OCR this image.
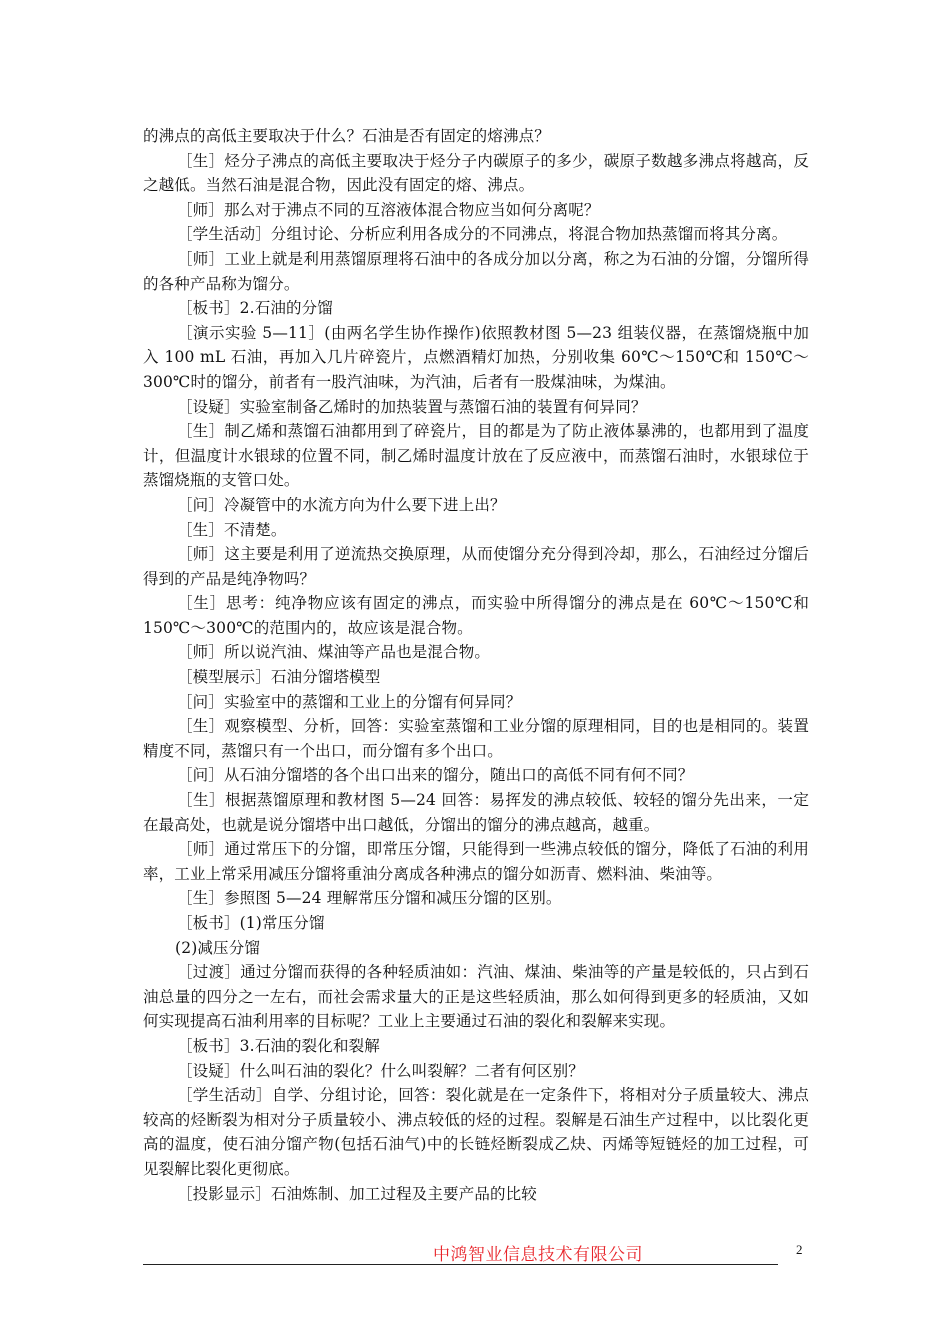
的沸点的高低主要取决于什么？石油是否有固定的熔沸点？

［生］烃分子沸点的高低主要取决于烃分子内碳原子的多少，碳原子数越多沸点将越高，反之越低。当然石油是混合物，因此没有固定的熔、沸点。

［师］那么对于沸点不同的互溶液体混合物应当如何分离呢？

［学生活动］分组讨论、分析应利用各成分的不同沸点，将混合物加热蒸馏而将其分离。

［师］工业上就是利用蒸馏原理将石油中的各成分加以分离，称之为石油的分馏，分馏所得的各种产品称为馏分。

［板书］2.石油的分馏

［演示实验 5—11］(由两名学生协作操作)依照教材图 5—23 组装仪器，在蒸馏烧瓶中加入 100 mL 石油，再加入几片碎瓷片，点燃酒精灯加热，分别收集 60℃～150℃和 150℃～300℃时的馏分，前者有一股汽油味，为汽油，后者有一股煤油味，为煤油。

［设疑］实验室制备乙烯时的加热装置与蒸馏石油的装置有何异同？

［生］制乙烯和蒸馏石油都用到了碎瓷片，目的都是为了防止液体暴沸的，也都用到了温度计，但温度计水银球的位置不同，制乙烯时温度计放在了反应液中，而蒸馏石油时，水银球位于蒸馏烧瓶的支管口处。

［问］冷凝管中的水流方向为什么要下进上出？

［生］不清楚。

［师］这主要是利用了逆流热交换原理，从而使馏分充分得到冷却，那么，石油经过分馏后得到的产品是纯净物吗？

［生］思考：纯净物应该有固定的沸点，而实验中所得馏分的沸点是在 60℃～150℃和 150℃～300℃的范围内的，故应该是混合物。

［师］所以说汽油、煤油等产品也是混合物。

［模型展示］石油分馏塔模型

［问］实验室中的蒸馏和工业上的分馏有何异同？

［生］观察模型、分析，回答：实验室蒸馏和工业分馏的原理相同，目的也是相同的。装置精度不同，蒸馏只有一个出口，而分馏有多个出口。

［问］从石油分馏塔的各个出口出来的馏分，随出口的高低不同有何不同？

［生］根据蒸馏原理和教材图 5—24 回答：易挥发的沸点较低、较轻的馏分先出来，一定在最高处，也就是说分馏塔中出口越低，分馏出的馏分的沸点越高，越重。

［师］通过常压下的分馏，即常压分馏，只能得到一些沸点较低的馏分，降低了石油的利用率，工业上常采用减压分馏将重油分离成各种沸点的馏分如沥青、燃料油、柴油等。

［生］参照图 5—24 理解常压分馏和减压分馏的区别。

［板书］(1)常压分馏

(2)减压分馏

［过渡］通过分馏而获得的各种轻质油如：汽油、煤油、柴油等的产量是较低的，只占到石油总量的四分之一左右，而社会需求量大的正是这些轻质油，那么如何得到更多的轻质油，又如何实现提高石油利用率的目标呢？工业上主要通过石油的裂化和裂解来实现。

［板书］3.石油的裂化和裂解

［设疑］什么叫石油的裂化？什么叫裂解？二者有何区别？

［学生活动］自学、分组讨论，回答：裂化就是在一定条件下，将相对分子质量较大、沸点较高的烃断裂为相对分子质量较小、沸点较低的烃的过程。裂解是石油生产过程中，以比裂化更高的温度，使石油分馏产物(包括石油气)中的长链烃断裂成乙炔、丙烯等短链烃的加工过程，可见裂解比裂化更彻底。

［投影显示］石油炼制、加工过程及主要产品的比较

中鸿智业信息技术有限公司	2
